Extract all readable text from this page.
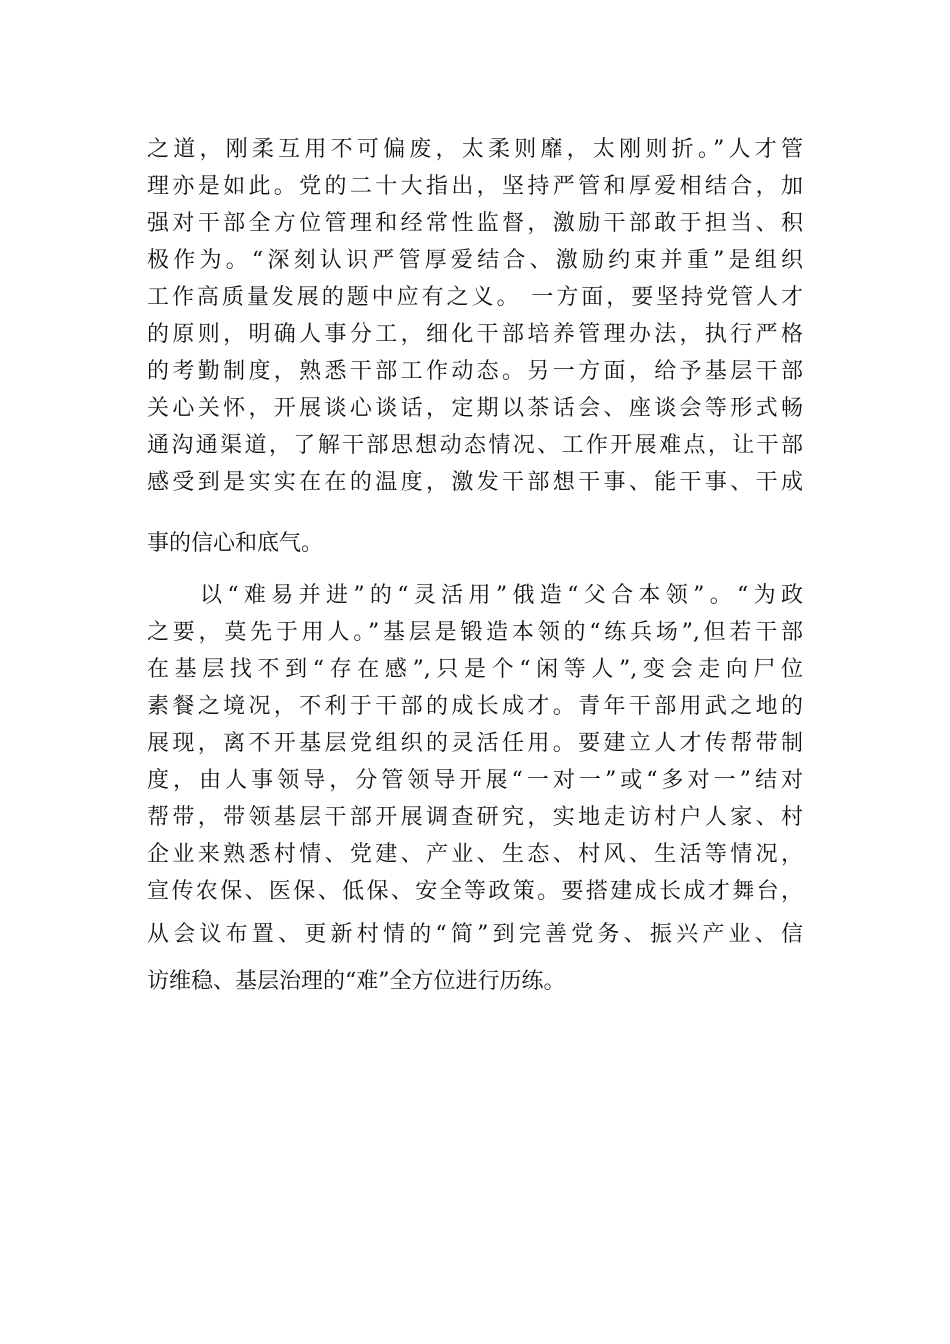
之道，刚柔互用不可偏废，太柔则靡，太刚则折。”人才管
理亦是如此。党的二十大指出，坚持严管和厚爱相结合，加
强对干部全方位管理和经常性监督，激励干部敢于担当、积
极作为。“深刻认识严管厚爱结合、激励约束并重”是组织
工作高质量发展的题中应有之义。 一方面，要坚持党管人才
的原则，明确人事分工，细化干部培养管理办法，执行严格
的考勤制度，熟悉干部工作动态。另一方面，给予基层干部
关心关怀，开展谈心谈话，定期以茶话会、座谈会等形式畅
通沟通渠道，了解干部思想动态情况、工作开展难点，让干部
感受到是实实在在的温度，激发干部想干事、能干事、干成
事的信心和底气。
以“难易并进”的“灵活用”俄造“父合本领”。“为政
之要，莫先于用人。”基层是锻造本领的“练兵场”,但若干部
在基层找不到“存在感”,只是个“闲等人”,变会走向尸位
素餐之境况，不利于干部的成长成才。青年干部用武之地的
展现，离不开基层党组织的灵活任用。要建立人才传帮带制
度，由人事领导，分管领导开展“一对一”或“多对一”结对
帮带，带领基层干部开展调查研究，实地走访村户人家、村
企业来熟悉村情、党建、产业、生态、村风、生活等情况，
宣传农保、医保、低保、安全等政策。要搭建成长成才舞台，
从会议布置、更新村情的“简”到完善党务、振兴产业、信
访维稳、基层治理的“难”全方位进行历练。
